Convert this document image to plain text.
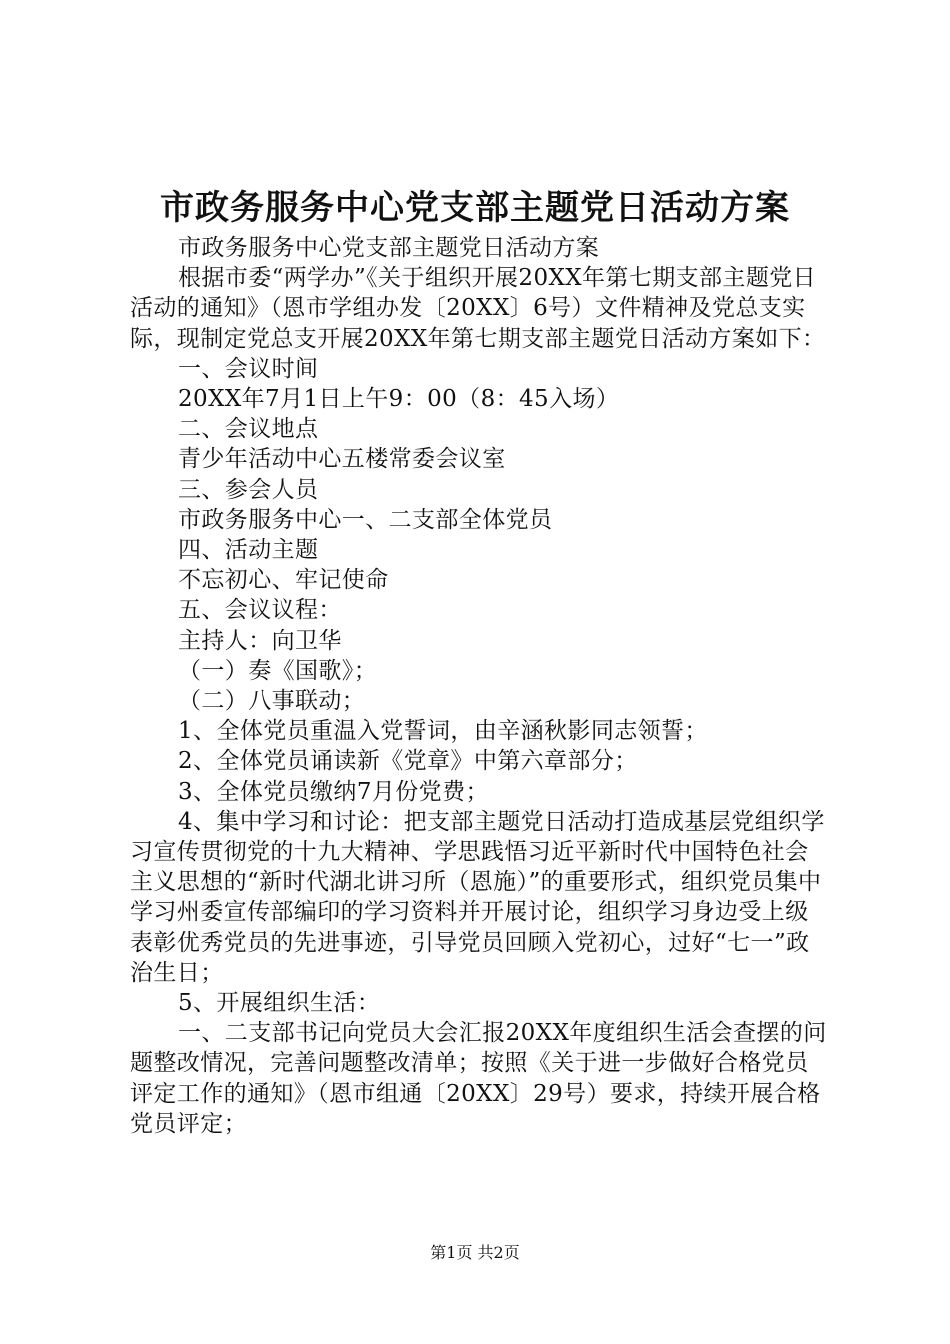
市政务服务中心党支部主题党日活动方案

市政务服务中心党支部主题党日活动方案

根据市委“两学办”《关于组织开展20XX年第七期支部主题党日活动的通知》（恩市学组办发〔20XX〕6号）文件精神及党总支实际，现制定党总支开展20XX年第七期支部主题党日活动方案如下：

一、会议时间

20XX年7月1日上午9：00（8：45入场）

二、会议地点

青少年活动中心五楼常委会议室

三、参会人员

市政务服务中心一、二支部全体党员

四、活动主题

不忘初心、牢记使命

五、会议议程：

主持人：向卫华

（一）奏《国歌》；

（二）八事联动；

1、全体党员重温入党誓词，由辛涵秋影同志领誓；

2、全体党员诵读新《党章》中第六章部分；

3、全体党员缴纳7月份党费；

4、集中学习和讨论：把支部主题党日活动打造成基层党组织学习宣传贯彻党的十九大精神、学思践悟习近平新时代中国特色社会主义思想的“新时代湖北讲习所（恩施）”的重要形式，组织党员集中学习州委宣传部编印的学习资料并开展讨论，组织学习身边受上级表彰优秀党员的先进事迹，引导党员回顾入党初心，过好“七一”政治生日；

5、开展组织生活：

一、二支部书记向党员大会汇报20XX年度组织生活会查摆的问题整改情况，完善问题整改清单；按照《关于进一步做好合格党员评定工作的通知》（恩市组通〔20XX〕29号）要求，持续开展合格党员评定；

第1页 共2页
